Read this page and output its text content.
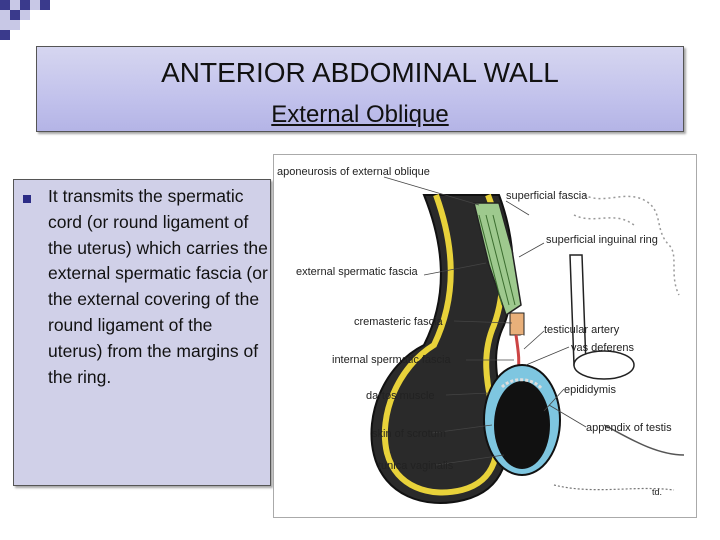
ANTERIOR ABDOMINAL WALL
External Oblique
It transmits the spermatic cord (or round ligament of the uterus) which carries the external spermatic fascia (or the external covering of the round ligament of the uterus) from the margins of the ring.
aponeurosis of external oblique
superficial fascia
superficial inguinal ring
external spermatic fascia
cremasteric fascia
internal spermatic fascia
testicular artery
vas deferens
dartos muscle	epididymis
skin of scrotum	appendix of testis
tunica vaginalis
td.
